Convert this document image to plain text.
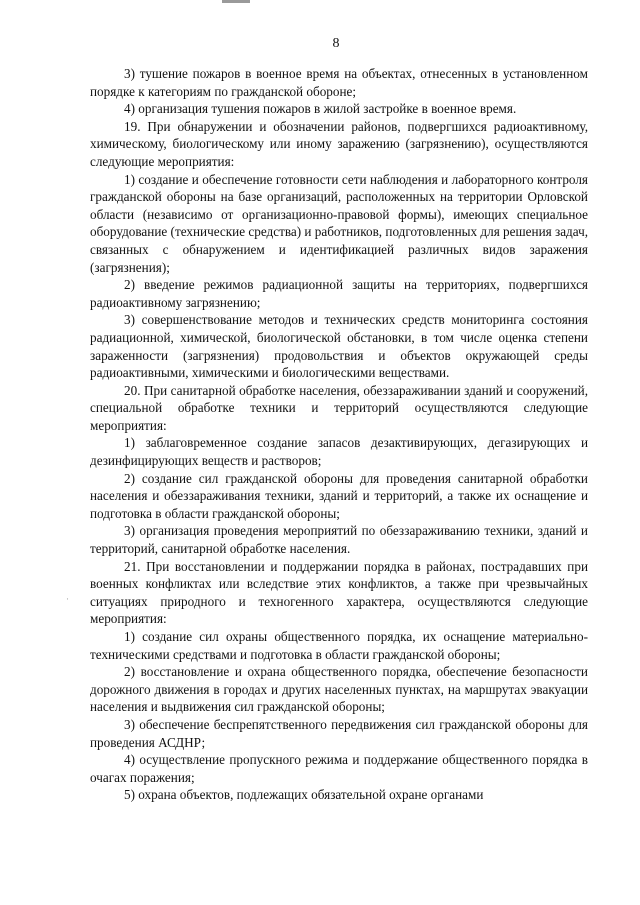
·
8

3) тушение пожаров в военное время на объектах, отнесенных в установленном порядке к категориям по гражданской обороне;

4) организация тушения пожаров в жилой застройке в военное время.

19. При обнаружении и обозначении районов, подвергшихся радиоактивному, химическому, биологическому или иному заражению (загрязнению), осуществляются следующие мероприятия:

1) создание и обеспечение готовности сети наблюдения и лабораторного контроля гражданской обороны на базе организаций, расположенных на территории Орловской области (независимо от организационно-правовой формы), имеющих специальное оборудование (технические средства) и работников, подготовленных для решения задач, связанных с обнаружением и идентификацией различных видов заражения (загрязнения);

2) введение режимов радиационной защиты на территориях, подвергшихся радиоактивному загрязнению;

3) совершенствование методов и технических средств мониторинга состояния радиационной, химической, биологической обстановки, в том числе оценка степени зараженности (загрязнения) продовольствия и объектов окружающей среды радиоактивными, химическими и биологическими веществами.

20. При санитарной обработке населения, обеззараживании зданий и сооружений, специальной обработке техники и территорий осуществляются следующие мероприятия:

1) заблаговременное создание запасов дезактивирующих, дегазирующих и дезинфицирующих веществ и растворов;

2) создание сил гражданской обороны для проведения санитарной обработки населения и обеззараживания техники, зданий и территорий, а также их оснащение и подготовка в области гражданской обороны;

3) организация проведения мероприятий по обеззараживанию техники, зданий и территорий, санитарной обработке населения.

21. При восстановлении и поддержании порядка в районах, пострадавших при военных конфликтах или вследствие этих конфликтов, а также при чрезвычайных ситуациях природного и техногенного характера, осуществляются следующие мероприятия:

1) создание сил охраны общественного порядка, их оснащение материально-техническими средствами и подготовка в области гражданской обороны;

2) восстановление и охрана общественного порядка, обеспечение безопасности дорожного движения в городах и других населенных пунктах, на маршрутах эвакуации населения и выдвижения сил гражданской обороны;

3) обеспечение беспрепятственного передвижения сил гражданской обороны для проведения АСДНР;

4) осуществление пропускного режима и поддержание общественного порядка в очагах поражения;

5) охрана объектов, подлежащих обязательной охране органами
